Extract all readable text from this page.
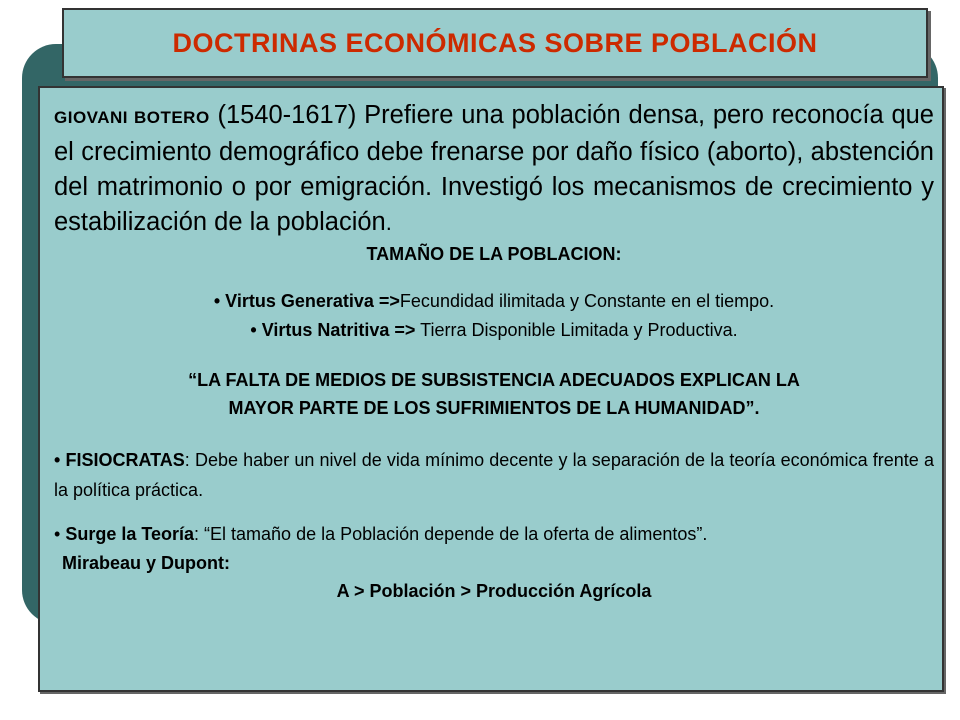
DOCTRINAS ECONÓMICAS SOBRE POBLACIÓN

GIOVANI BOTERO (1540-1617) Prefiere una población densa, pero reconocía que el crecimiento demográfico debe frenarse por daño físico (aborto), abstención del matrimonio o por emigración. Investigó los mecanismos de crecimiento y estabilización de la población.

TAMAÑO DE LA POBLACION:

• Virtus Generativa =>Fecundidad ilimitada y Constante en el tiempo.

• Virtus Natritiva => Tierra Disponible Limitada y Productiva.

“LA FALTA DE MEDIOS DE SUBSISTENCIA ADECUADOS EXPLICAN LA

MAYOR PARTE DE LOS SUFRIMIENTOS DE LA HUMANIDAD”.

• FISIOCRATAS: Debe haber un nivel de vida mínimo decente y la separación de la teoría económica frente a la política práctica.

• Surge la Teoría: “El tamaño de la Población depende de la oferta de alimentos”.

Mirabeau y Dupont:

A > Población > Producción Agrícola
